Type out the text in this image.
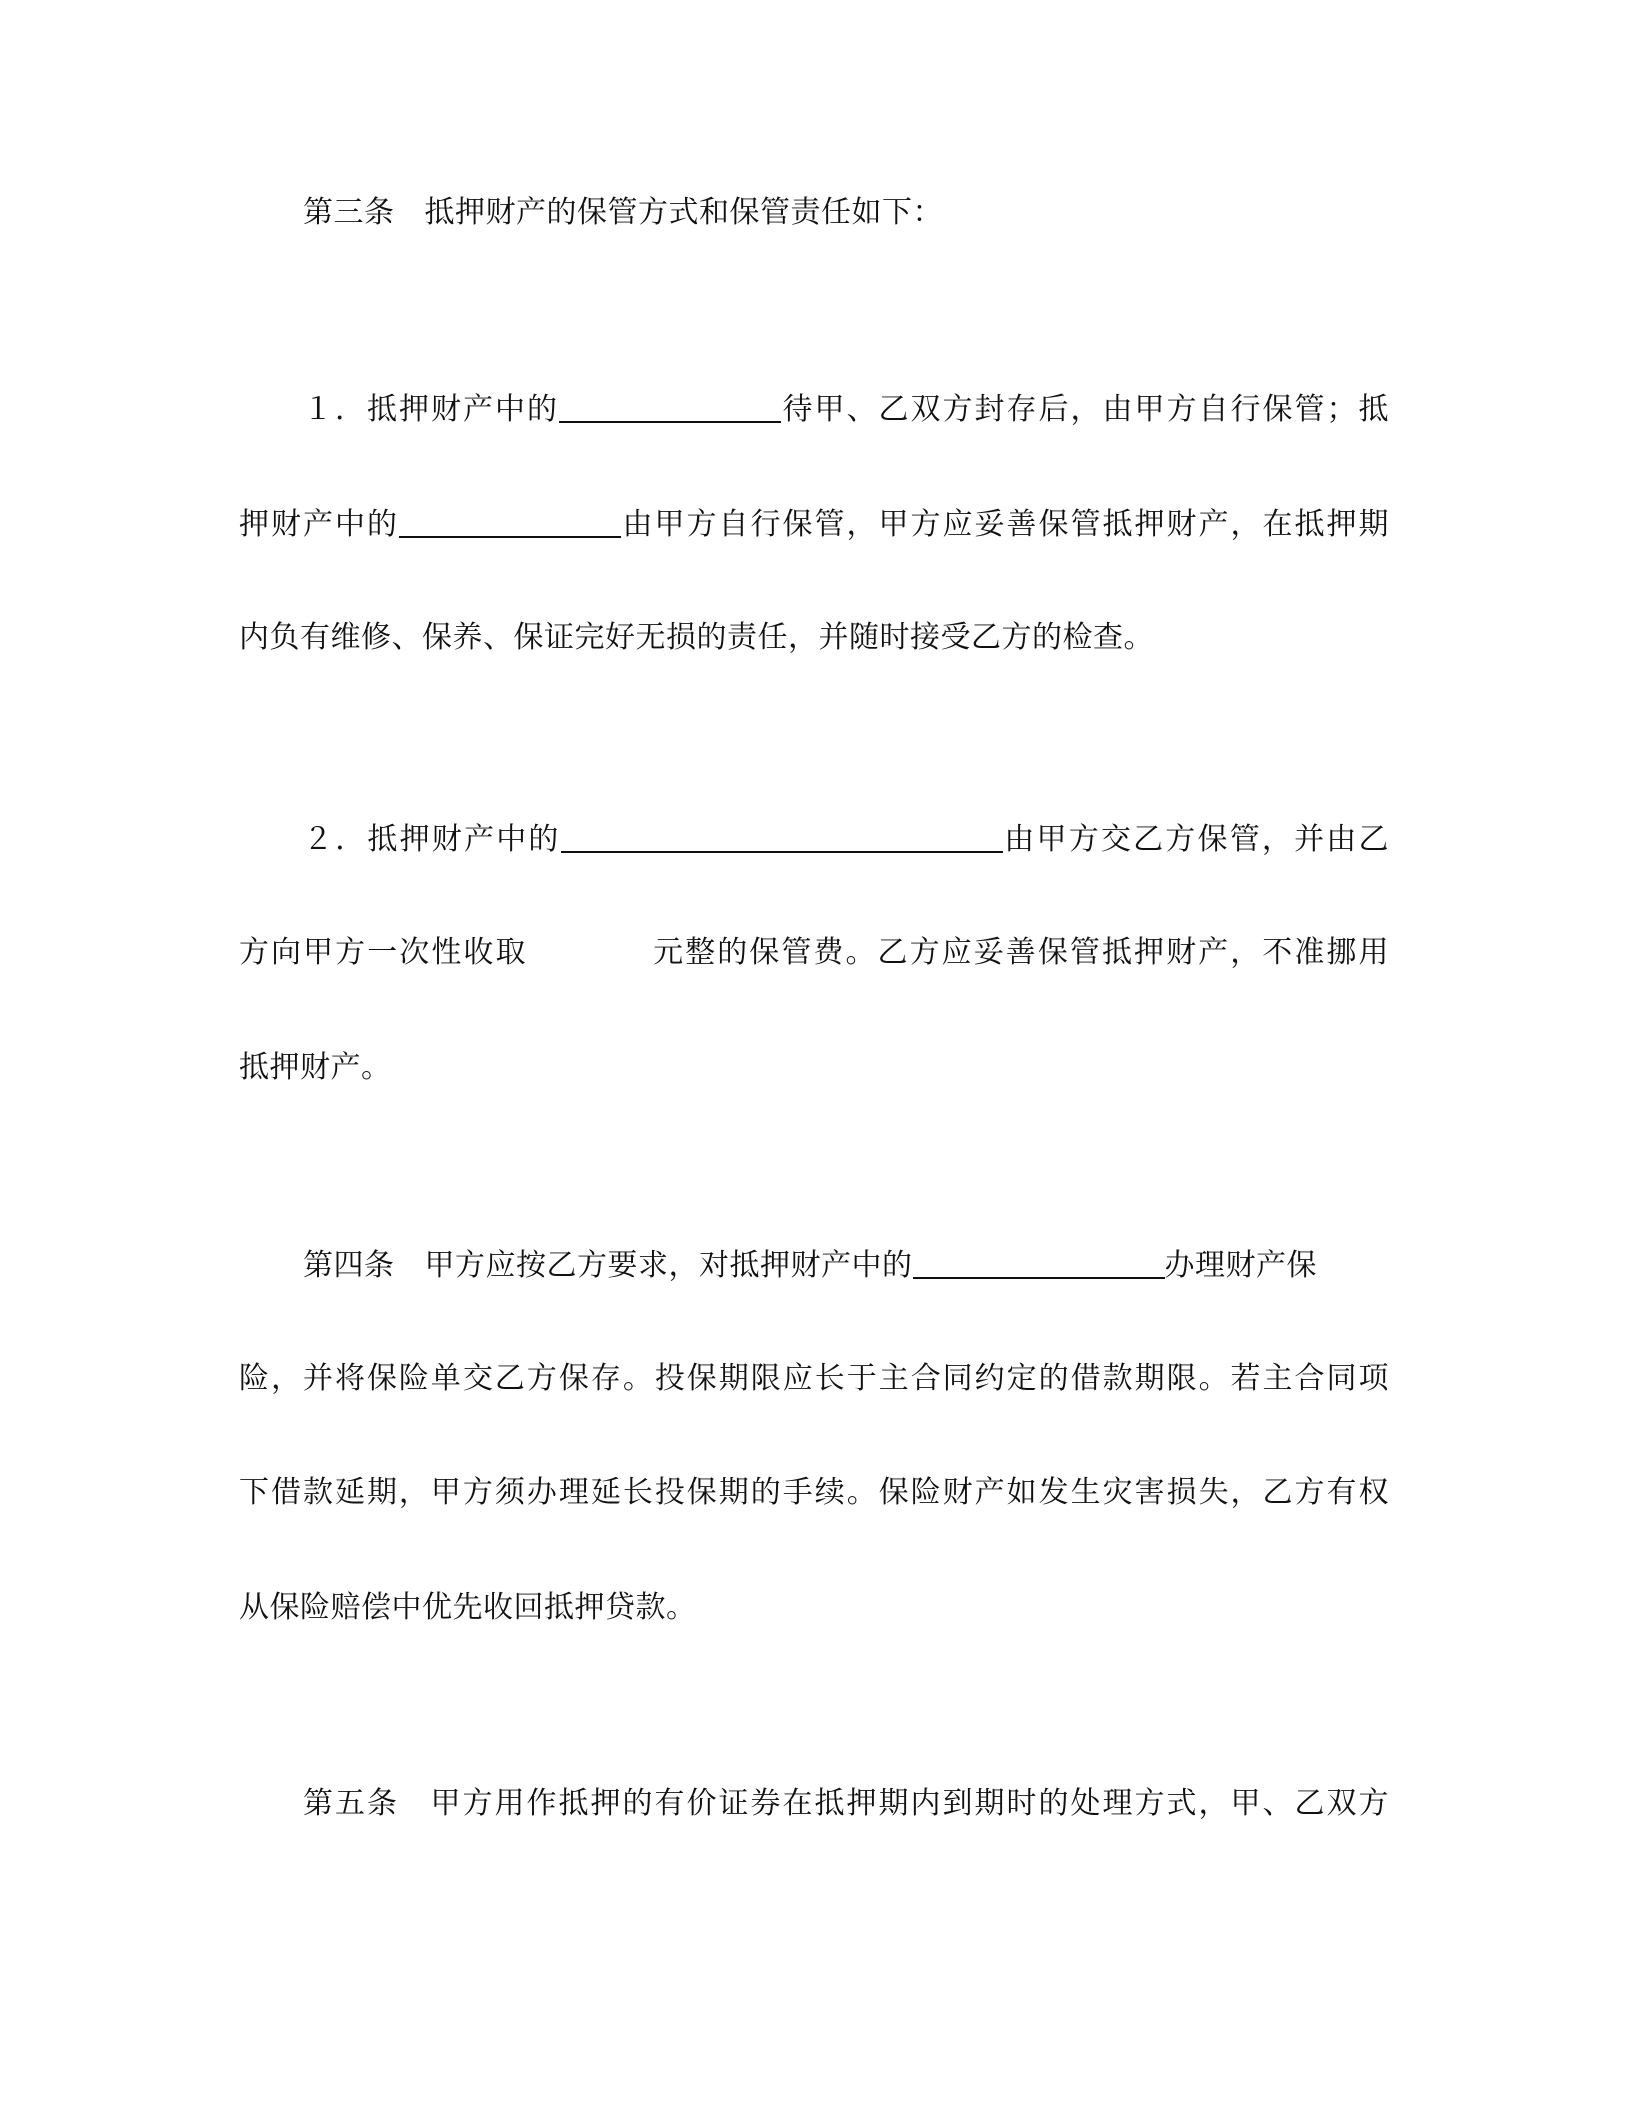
第三条 抵押财产的保管方式和保管责任如下：
１．抵押财产中的	待甲、乙双方封存后，由甲方自行保管；抵
押财产中的	由甲方自行保管，甲方应妥善保管抵押财产，在抵押期
内负有维修、保养、保证完好无损的责任，并随时接受乙方的检查。
２．抵押财产中的	由甲方交乙方保管，并由乙
方向甲方一次性收取	元整的保管费。乙方应妥善保管抵押财产，不准挪用
抵押财产。
第四条 甲方应按乙方要求，对抵押财产中的	办理财产保
险，并将保险单交乙方保存。投保期限应长于主合同约定的借款期限。若主合同项
下借款延期，甲方须办理延长投保期的手续。保险财产如发生灾害损失，乙方有权
从保险赔偿中优先收回抵押贷款。
第五条 甲方用作抵押的有价证券在抵押期内到期时的处理方式，甲、乙双方
